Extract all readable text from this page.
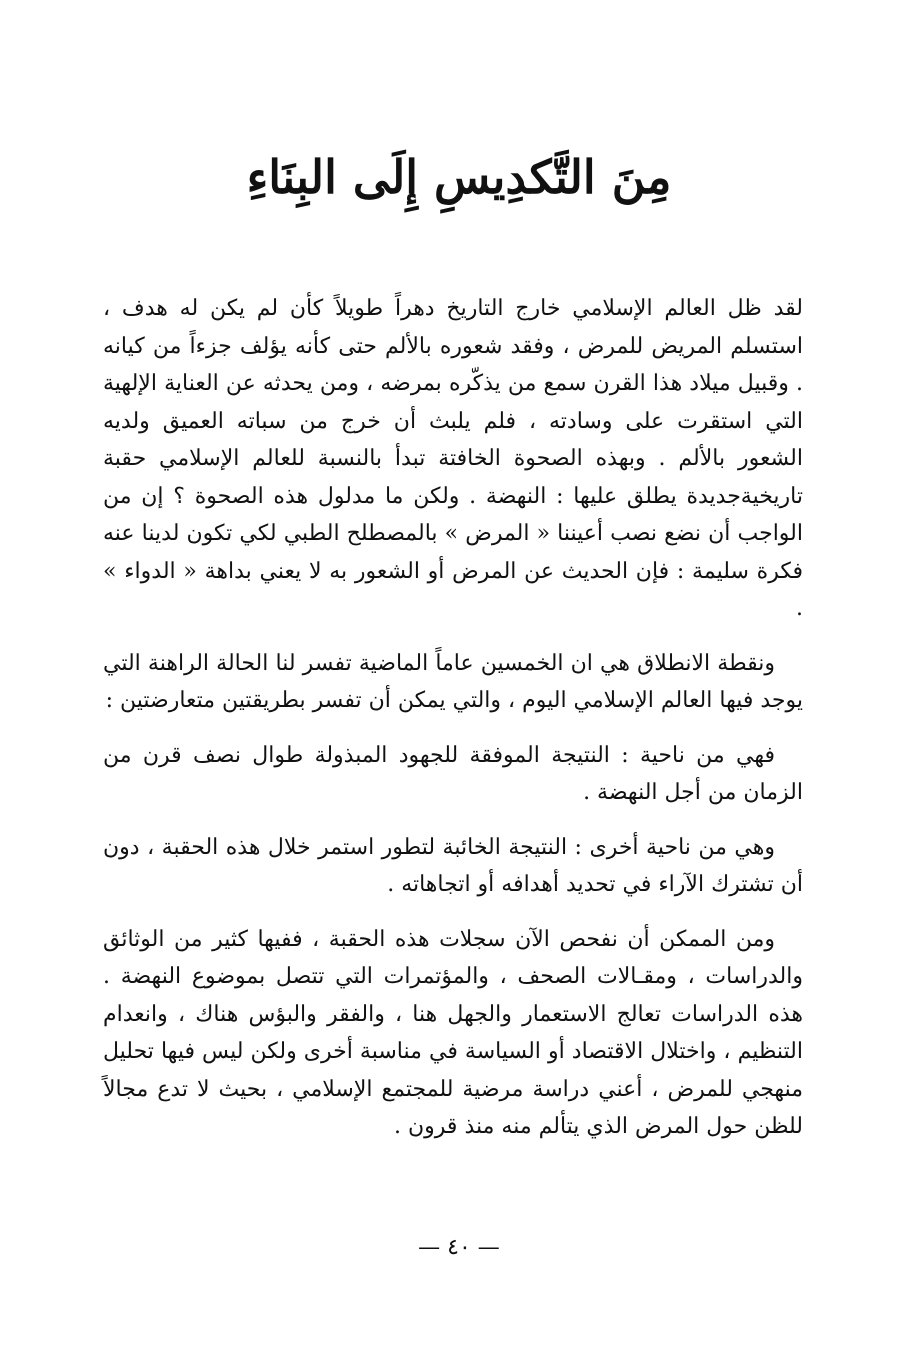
مِنَ التَّكدِيسِ إِلَى البِنَاءِ

لقد ظل العالم الإسلامي خارج التاريخ دهراً طويلاً كأن لم يكن له هدف ، استسلم المريض للمرض ، وفقد شعوره بالألم حتى كأنه يؤلف جزءاً من كيانه . وقبيل ميلاد هذا القرن سمع من يذكّره بمرضه ، ومن يحدثه عن العناية الإلهية التي استقرت على وسادته ، فلم يلبث أن خرج من سباته العميق ولديه الشعور بالألم . وبهذه الصحوة الخافتة تبدأ بالنسبة للعالم الإسلامي حقبة تاريخيةجديدة يطلق عليها : النهضة . ولكن ما مدلول هذه الصحوة ؟ إن من الواجب أن نضع نصب أعيننا « المرض » بالمصطلح الطبي لكي تكون لدينا عنه فكرة سليمة : فإن الحديث عن المرض أو الشعور به لا يعني بداهة « الدواء » .

ونقطة الانطلاق هي ان الخمسين عاماً الماضية تفسر لنا الحالة الراهنة التي يوجد فيها العالم الإسلامي اليوم ، والتي يمكن أن تفسر بطريقتين متعارضتين :

فهي من ناحية : النتيجة الموفقة للجهود المبذولة طوال نصف قرن من الزمان من أجل النهضة .

وهي من ناحية أخرى : النتيجة الخائبة لتطور استمر خلال هذه الحقبة ، دون أن تشترك الآراء في تحديد أهدافه أو اتجاهاته .

ومن الممكن أن نفحص الآن سجلات هذه الحقبة ، ففيها كثير من الوثائق والدراسات ، ومقـالات الصحف ، والمؤتمرات التي تتصل بموضوع النهضة . هذه الدراسات تعالج الاستعمار والجهل هنا ، والفقر والبؤس هناك ، وانعدام التنظيم ، واختلال الاقتصاد أو السياسة في مناسبة أخرى ولكن ليس فيها تحليل منهجي للمرض ، أعني دراسة مرضية للمجتمع الإسلامي ، بحيث لا تدع مجالاً للظن حول المرض الذي يتألم منه منذ قرون .

— ٤٠ —
